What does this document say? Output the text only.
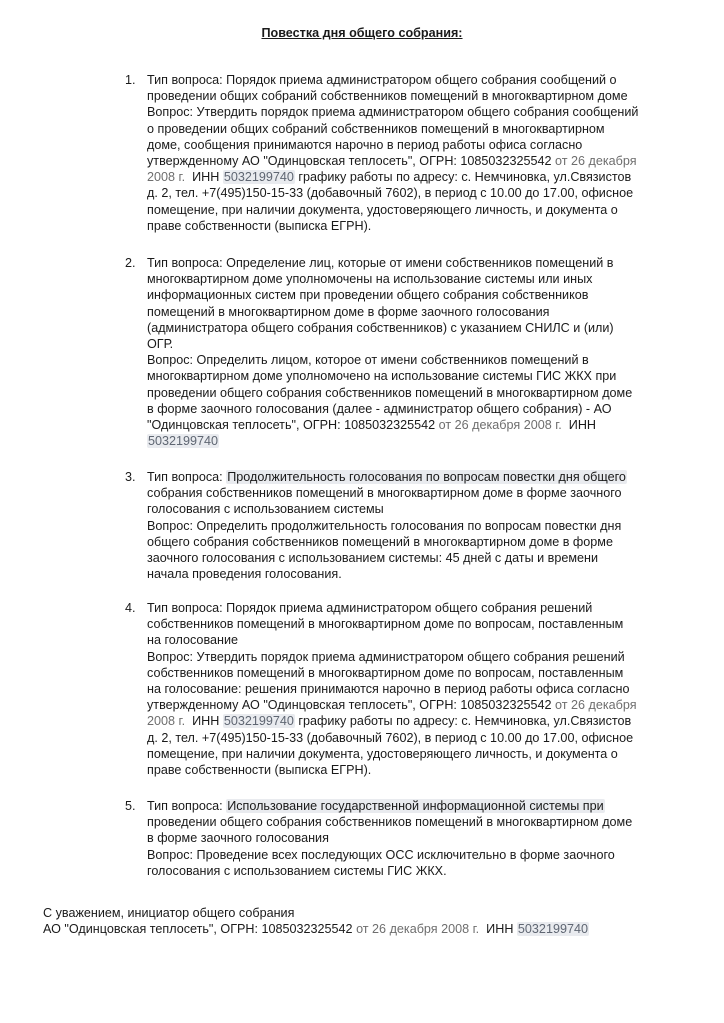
Повестка дня общего собрания:
1. Тип вопроса: Порядок приема администратором общего собрания сообщений о
проведении общих собраний собственников помещений в многоквартирном доме
Вопрос: Утвердить порядок приема администратором общего собрания сообщений
о проведении общих собраний собственников помещений в многоквартирном
доме, сообщения принимаются нарочно в период работы офиса согласно
утвержденному АО "Одинцовская теплосеть", ОГРН: 1085032325542 от 26 декабря
2008 г. ИНН 5032199740 графику работы по адресу: с. Немчиновка, ул.Связистов
д. 2, тел. +7(495)150-15-33 (добавочный 7602), в период с 10.00 до 17.00, офисное
помещение, при наличии документа, удостоверяющего личность, и документа о
праве собственности (выписка ЕГРН).
2. Тип вопроса: Определение лиц, которые от имени собственников помещений в
многоквартирном доме уполномочены на использование системы или иных
информационных систем при проведении общего собрания собственников
помещений в многоквартирном доме в форме заочного голосования
(администратора общего собрания собственников) с указанием СНИЛС и (или)
ОГР.
Вопрос: Определить лицом, которое от имени собственников помещений в
многоквартирном доме уполномочено на использование системы ГИС ЖКХ при
проведении общего собрания собственников помещений в многоквартирном доме
в форме заочного голосования (далее - администратор общего собрания) - АО
"Одинцовская теплосеть", ОГРН: 1085032325542 от 26 декабря 2008 г. ИНН
5032199740
3. Тип вопроса: Продолжительность голосования по вопросам повестки дня общего
собрания собственников помещений в многоквартирном доме в форме заочного
голосования с использованием системы
Вопрос: Определить продолжительность голосования по вопросам повестки дня
общего собрания собственников помещений в многоквартирном доме в форме
заочного голосования с использованием системы: 45 дней с даты и времени
начала проведения голосования.
4. Тип вопроса: Порядок приема администратором общего собрания решений
собственников помещений в многоквартирном доме по вопросам, поставленным
на голосование
Вопрос: Утвердить порядок приема администратором общего собрания решений
собственников помещений в многоквартирном доме по вопросам, поставленным
на голосование: решения принимаются нарочно в период работы офиса согласно
утвержденному АО "Одинцовская теплосеть", ОГРН: 1085032325542 от 26 декабря
2008 г. ИНН 5032199740 графику работы по адресу: с. Немчиновка, ул.Связистов
д. 2, тел. +7(495)150-15-33 (добавочный 7602), в период с 10.00 до 17.00, офисное
помещение, при наличии документа, удостоверяющего личность, и документа о
праве собственности (выписка ЕГРН).
5. Тип вопроса: Использование государственной информационной системы при
проведении общего собрания собственников помещений в многоквартирном доме
в форме заочного голосования
Вопрос: Проведение всех последующих ОСС исключительно в форме заочного
голосования с использованием системы ГИС ЖКХ.
С уважением, инициатор общего собрания
АО "Одинцовская теплосеть", ОГРН: 1085032325542 от 26 декабря 2008 г. ИНН 5032199740
